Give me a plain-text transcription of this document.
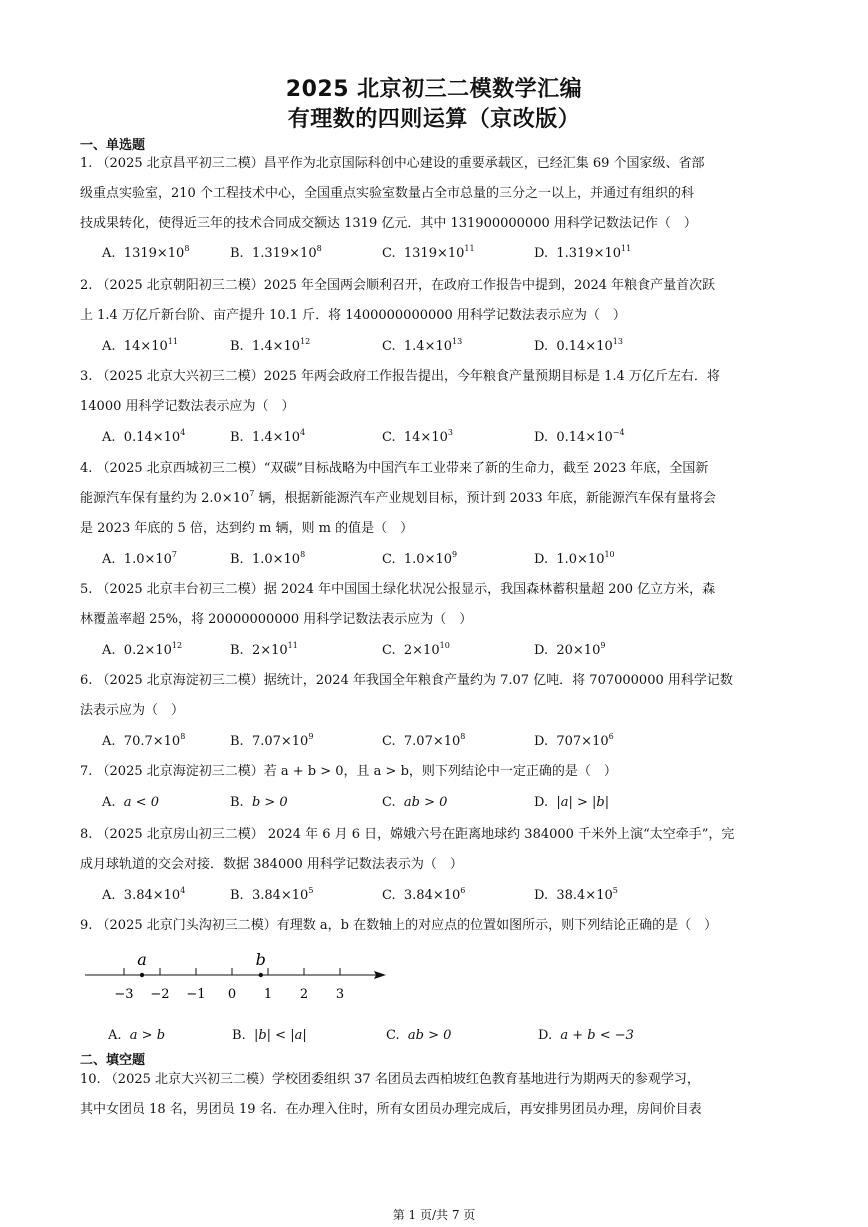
2025 北京初三二模数学汇编
有理数的四则运算（京改版）
一、单选题
1. （2025 北京昌平初三二模）昌平作为北京国际科创中心建设的重要承载区，已经汇集 69 个国家级、省部
级重点实验室，210 个工程技术中心，全国重点实验室数量占全市总量的三分之一以上，并通过有组织的科
技成果转化，使得近三年的技术合同成交额达 1319 亿元．其中 131900000000 用科学记数法记作（　）
A. $1319\times 10^8$	B. $1.319\times 10^8$	C. $1319\times 10^{11}$	D. $1.319\times 10^{11}$
2. （2025 北京朝阳初三二模）2025 年全国两会顺利召开，在政府工作报告中提到，2024 年粮食产量首次跃
上 1.4 万亿斤新台阶、亩产提升 10.1 斤．将 1400000000000 用科学记数法表示应为（　）
A. $14\times 10^{11}$	B. $1.4\times 10^{12}$	C. $1.4\times 10^{13}$	D. $0.14\times 10^{13}$
3. （2025 北京大兴初三二模）2025 年两会政府工作报告提出，今年粮食产量预期目标是 1.4 万亿斤左右．将
14000 用科学记数法表示应为（　）
A. $0.14\times 10^4$	B. $1.4\times 10^4$	C. $14\times 10^3$	D. $0.14\times 10^{-4}$
4. （2025 北京西城初三二模）“双碳”目标战略为中国汽车工业带来了新的生命力，截至 2023 年底，全国新
能源汽车保有量约为 $2.0\times 10^7$ 辆，根据新能源汽车产业规划目标，预计到 2033 年底，新能源汽车保有量将会
是 2023 年底的 5 倍，达到约 m 辆，则 m 的值是（　）
A. $1.0\times 10^7$	B. $1.0\times 10^8$	C. $1.0\times 10^9$	D. $1.0\times 10^{10}$
5. （2025 北京丰台初三二模）据 2024 年中国国土绿化状况公报显示，我国森林蓄积量超 200 亿立方米，森
林覆盖率超 25%，将 20000000000 用科学记数法表示应为（　）
A. $0.2\times 10^{12}$	B. $2\times 10^{11}$	C. $2\times 10^{10}$	D. $20\times 10^9$
6. （2025 北京海淀初三二模）据统计，2024 年我国全年粮食产量约为 7.07 亿吨．将 707000000 用科学记数
法表示应为（　）
A. $70.7\times 10^8$	B. $7.07\times 10^9$	C. $7.07\times 10^8$	D. $707\times 10^6$
7. （2025 北京海淀初三二模）若 a + b > 0，且 a > b，则下列结论中一定正确的是（　）
A. a < 0	B. b > 0	C. ab > 0	D. |a| > |b|
8. （2025 北京房山初三二模） 2024 年 6 月 6 日，嫦娥六号在距离地球约 384000 千米外上演“太空牵手”，完
成月球轨道的交会对接．数据 384000 用科学记数法表示为（　）
A. $3.84\times 10^4$	B. $3.84\times 10^5$	C. $3.84\times 10^6$	D. $38.4\times 10^5$
9. （2025 北京门头沟初三二模）有理数 a，b 在数轴上的对应点的位置如图所示，则下列结论正确的是（　）
−3 −2 −1 0 1 2 3
a	b
A. a > b	B. |b| < |a|	C. ab > 0	D. a + b < −3
二、填空题
10. （2025 北京大兴初三二模）学校团委组织 37 名团员去西柏坡红色教育基地进行为期两天的参观学习，
其中女团员 18 名，男团员 19 名．在办理入住时，所有女团员办理完成后，再安排男团员办理，房间价目表
第 1 页/共 7 页
